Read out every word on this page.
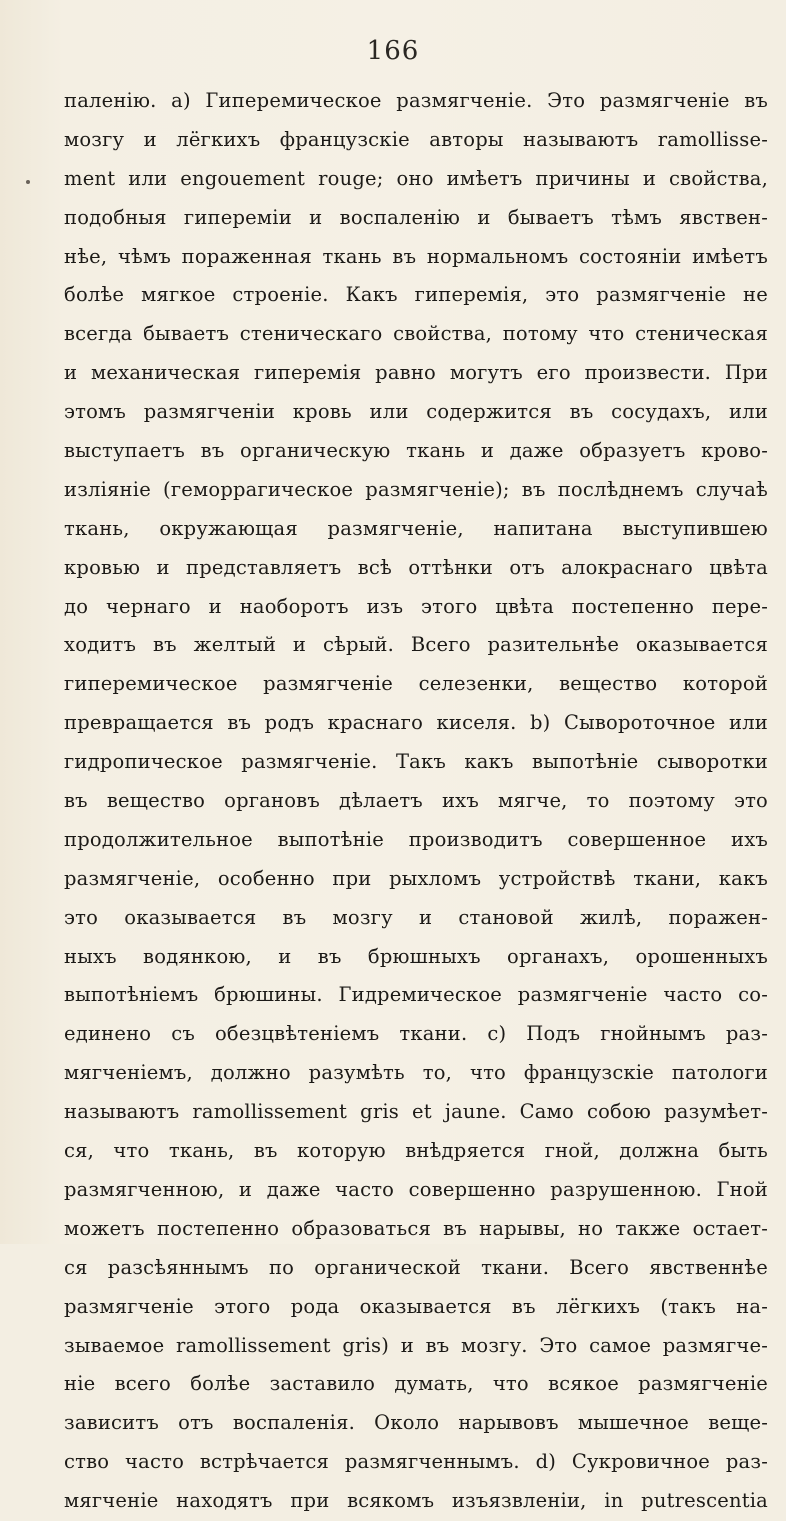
166
паленію. а) Гиперемическое размягченіе. Это размягченіе въ
мозгу и лёгкихъ французскіе авторы называютъ ramollisse-
ment или engouement rouge; оно имѣетъ причины и свойства,
подобныя гипереміи и воспаленію и бываетъ тѣмъ явствен-
нѣе, чѣмъ пораженная ткань въ нормальномъ состояніи имѣетъ
болѣе мягкое строеніе. Какъ гиперемія, это размягченіе не
всегда бываетъ стеническаго свойства, потому что стеническая
и механическая гиперемія равно могутъ его произвести. При
этомъ размягченіи кровь или содержится въ сосудахъ, или
выступаетъ въ органическую ткань и даже образуетъ крово-
изліяніе (геморрагическое размягченіе); въ послѣднемъ случаѣ
ткань, окружающая размягченіе, напитана выступившею
кровью и представляетъ всѣ оттѣнки отъ алокраснаго цвѣта
до чернаго и наоборотъ изъ этого цвѣта постепенно пере-
ходитъ въ желтый и сѣрый. Всего разительнѣе оказывается
гиперемическое размягченіе селезенки, вещество которой
превращается въ родъ краснаго киселя. b) Сывороточное или
гидропическое размягченіе. Такъ какъ выпотѣніе сыворотки
въ вещество органовъ дѣлаетъ ихъ мягче, то поэтому это
продолжительное выпотѣніе производитъ совершенное ихъ
размягченіе, особенно при рыхломъ устройствѣ ткани, какъ
это оказывается въ мозгу и становой жилѣ, поражен-
ныхъ водянкою, и въ брюшныхъ органахъ, орошенныхъ
выпотѣніемъ брюшины. Гидремическое размягченіе часто со-
единено съ обезцвѣтеніемъ ткани. c) Подъ гнойнымъ раз-
мягченіемъ, должно разумѣть то, что французскіе патологи
называютъ ramollissement gris et jaune. Само собою разумѣет-
ся, что ткань, въ которую внѣдряется гной, должна быть
размягченною, и даже часто совершенно разрушенною. Гной
можетъ постепенно образоваться въ нарывы, но также остает-
ся разсѣяннымъ по органической ткани. Всего явственнѣе
размягченіе этого рода оказывается въ лёгкихъ (такъ на-
зываемое ramollissement gris) и въ мозгу. Это самое размягче-
ніе всего болѣе заставило думать, что всякое размягченіе
зависитъ отъ воспаленія. Около нарывовъ мышечное веще-
ство часто встрѣчается размягченнымъ. d) Сукровичное раз-
мягченіе находятъ при всякомъ изъязвленіи, in putrescentia
